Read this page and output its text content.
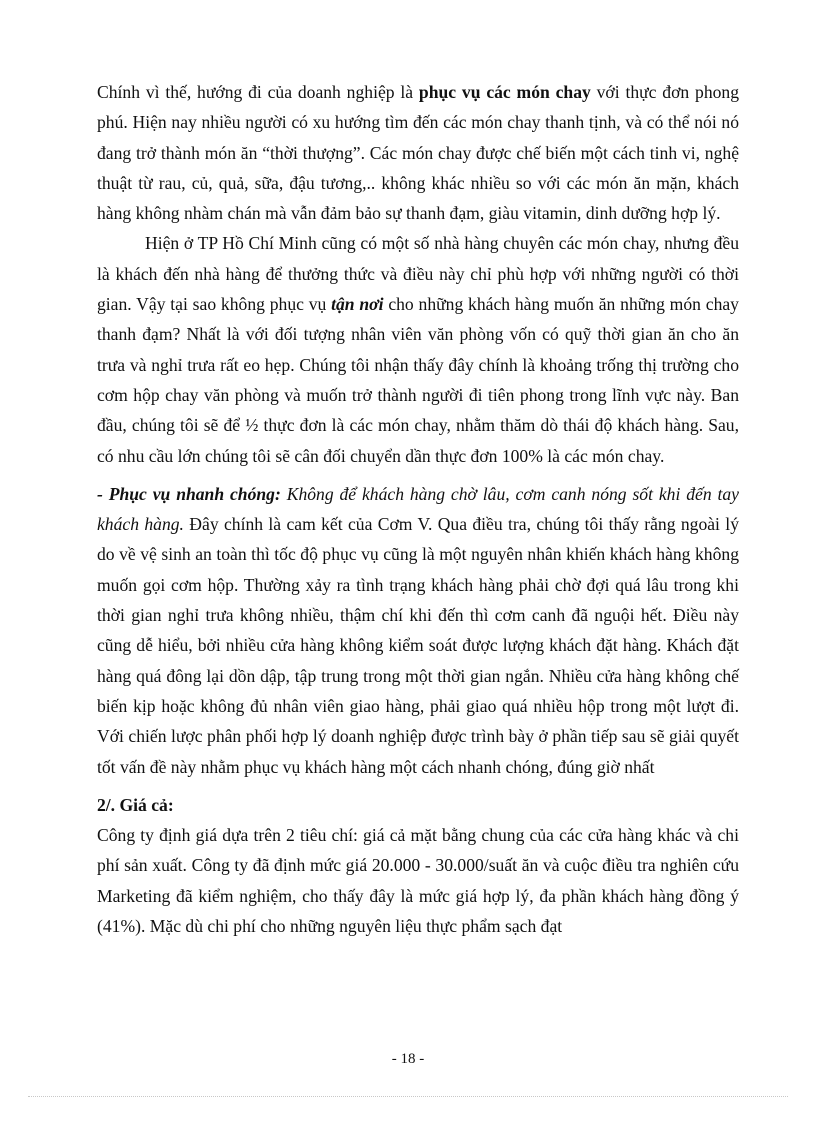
Chính vì thế, hướng đi của doanh nghiệp là phục vụ các món chay với thực đơn phong phú. Hiện nay nhiều người có xu hướng tìm đến các món chay thanh tịnh, và có thể nói nó đang trở thành món ăn “thời thượng”. Các món chay được chế biến một cách tinh vi, nghệ thuật từ rau, củ, quả, sữa, đậu tương,.. không khác nhiều so với các món ăn mặn, khách hàng không nhàm chán mà vẫn đảm bảo sự thanh đạm, giàu vitamin, dinh dưỡng hợp lý.

Hiện ở TP Hồ Chí Minh cũng có một số nhà hàng chuyên các món chay, nhưng đều là khách đến nhà hàng để thưởng thức và điều này chỉ phù hợp với những người có thời gian. Vậy tại sao không phục vụ tận nơi cho những khách hàng muốn ăn những món chay thanh đạm? Nhất là với đối tượng nhân viên văn phòng vốn có quỹ thời gian ăn cho ăn trưa và nghỉ trưa rất eo hẹp. Chúng tôi nhận thấy đây chính là khoảng trống thị trường cho cơm hộp chay văn phòng và muốn trở thành người đi tiên phong trong lĩnh vực này. Ban đầu, chúng tôi sẽ để ½ thực đơn là các món chay, nhằm thăm dò thái độ khách hàng. Sau, có nhu cầu lớn chúng tôi sẽ cân đối chuyển dần thực đơn 100% là các món chay.

- Phục vụ nhanh chóng: Không để khách hàng chờ lâu, cơm canh nóng sốt khi đến tay khách hàng. Đây chính là cam kết của Cơm V. Qua điều tra, chúng tôi thấy rằng ngoài lý do về vệ sinh an toàn thì tốc độ phục vụ cũng là một nguyên nhân khiến khách hàng không muốn gọi cơm hộp. Thường xảy ra tình trạng khách hàng phải chờ đợi quá lâu trong khi thời gian nghỉ trưa không nhiều, thậm chí khi đến thì cơm canh đã nguội hết. Điều này cũng dễ hiểu, bởi nhiều cửa hàng không kiểm soát được lượng khách đặt hàng. Khách đặt hàng quá đông lại dồn dập, tập trung trong một thời gian ngắn. Nhiều cửa hàng không chế biến kịp hoặc không đủ nhân viên giao hàng, phải giao quá nhiều hộp trong một lượt đi. Với chiến lược phân phối hợp lý doanh nghiệp được trình bày ở phần tiếp sau sẽ giải quyết tốt vấn đề này nhằm phục vụ khách hàng một cách nhanh chóng, đúng giờ nhất

2/. Giá cả:

Công ty định giá dựa trên 2 tiêu chí: giá cả mặt bằng chung của các cửa hàng khác và chi phí sản xuất. Công ty đã định mức giá 20.000 - 30.000/suất ăn và cuộc điều tra nghiên cứu Marketing đã kiểm nghiệm, cho thấy đây là mức giá hợp lý, đa phần khách hàng đồng ý (41%). Mặc dù chi phí cho những nguyên liệu thực phẩm sạch đạt

- 18 -
